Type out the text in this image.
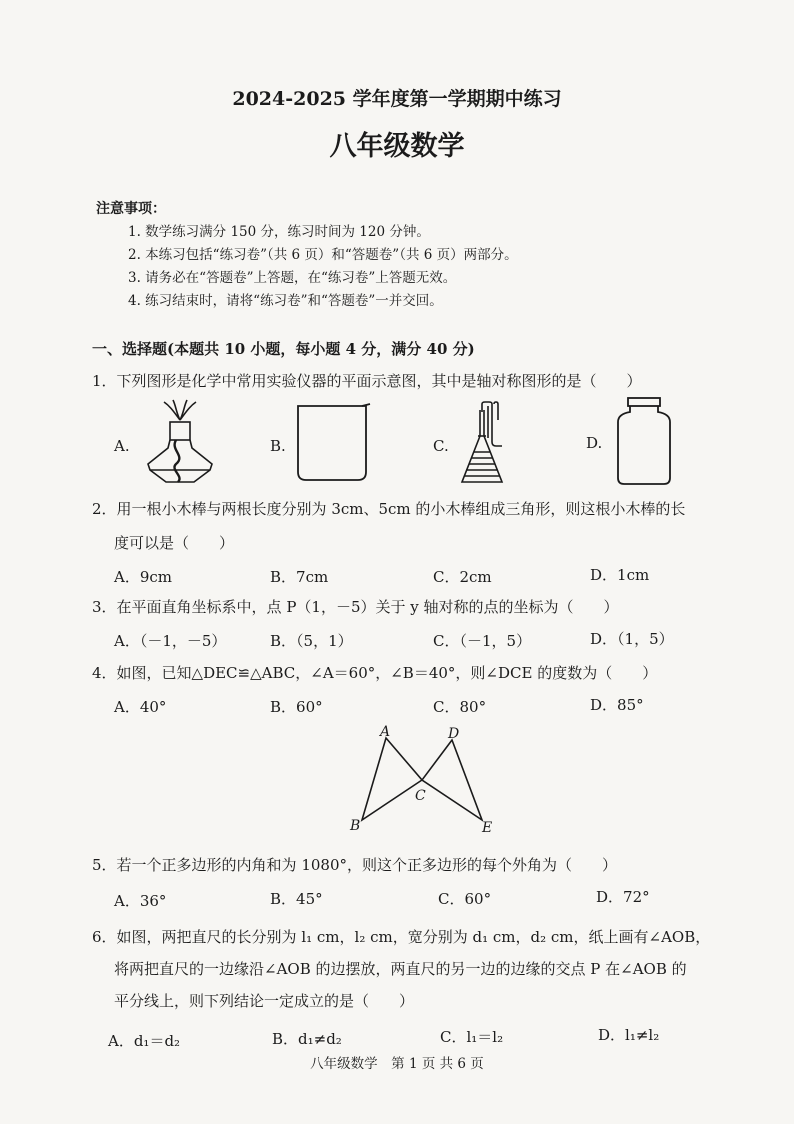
2024-2025 学年度第一学期期中练习
八年级数学
注意事项：
1. 数学练习满分 150 分，练习时间为 120 分钟。
2. 本练习包括“练习卷”（共 6 页）和“答题卷”（共 6 页）两部分。
3. 请务必在“答题卷”上答题，在“练习卷”上答题无效。
4. 练习结束时，请将“练习卷”和“答题卷”一并交回。
一、选择题(本题共 10 小题，每小题 4 分，满分 40 分)
1．下列图形是化学中常用实验仪器的平面示意图，其中是轴对称图形的是（　　）
A.	B.	C.	D.
2．用一根小木棒与两根长度分别为 3cm、5cm 的小木棒组成三角形，则这根小木棒的长
度可以是（　　）
A．9cm	B．7cm	C．2cm	D．1cm
3．在平面直角坐标系中，点 P（1，－5）关于 y 轴对称的点的坐标为（　　）
A．（－1，－5）	B．（5，1）	C．（－1，5）	D．（1，5）
4．如图，已知△DEC≌△ABC，∠A＝60°，∠B＝40°，则∠DCE 的度数为（　　）
A．40°	B．60°	C．80°	D．85°
A	D
C
B	E
5．若一个正多边形的内角和为 1080°，则这个正多边形的每个外角为（　　）
A．36°	B．45°	C．60°	D．72°
6．如图，两把直尺的长分别为 l₁ cm，l₂ cm，宽分别为 d₁ cm，d₂ cm，纸上画有∠AOB，
将两把直尺的一边缘沿∠AOB 的边摆放，两直尺的另一边的边缘的交点 P 在∠AOB 的
平分线上，则下列结论一定成立的是（　　）
A．d₁＝d₂	B．d₁≠d₂	C．l₁＝l₂	D．l₁≠l₂
八年级数学　第 1 页 共 6 页
